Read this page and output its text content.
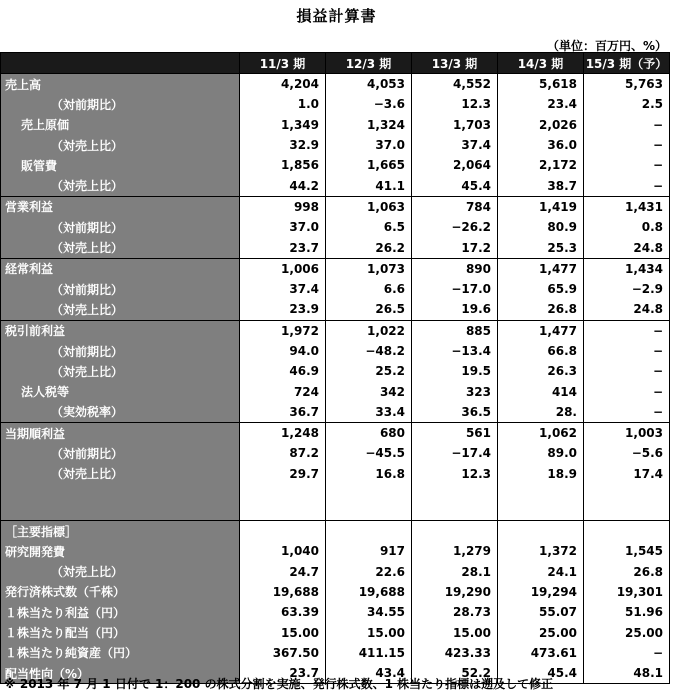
損益計算書
（単位：百万円、%）
	11/3 期	12/3 期	13/3 期	14/3 期	15/3 期（予）
売上高	4,204	4,053	4,552	5,618	5,763
（対前期比）	1.0	−3.6	12.3	23.4	2.5
売上原価	1,349	1,324	1,703	2,026	−
（対売上比）	32.9	37.0	37.4	36.0	−
販管費	1,856	1,665	2,064	2,172	−
（対売上比）	44.2	41.1	45.4	38.7	−
営業利益	998	1,063	784	1,419	1,431
（対前期比）	37.0	6.5	−26.2	80.9	0.8
（対売上比）	23.7	26.2	17.2	25.3	24.8
経常利益	1,006	1,073	890	1,477	1,434
（対前期比）	37.4	6.6	−17.0	65.9	−2.9
（対売上比）	23.9	26.5	19.6	26.8	24.8
税引前利益	1,972	1,022	885	1,477	−
（対前期比）	94.0	−48.2	−13.4	66.8	−
（対売上比）	46.9	25.2	19.5	26.3	−
法人税等	724	342	323	414	−
（実効税率）	36.7	33.4	36.5	28.	−
当期順利益	1,248	680	561	1,062	1,003
（対前期比）	87.2	−45.5	−17.4	89.0	−5.6
（対売上比）	29.7	16.8	12.3	18.9	17.4

［主要指標］					
研究開発費	1,040	917	1,279	1,372	1,545
（対売上比）	24.7	22.6	28.1	24.1	26.8
発行済株式数（千株）	19,688	19,688	19,290	19,294	19,301
１株当たり利益（円）	63.39	34.55	28.73	55.07	51.96
１株当たり配当（円）	15.00	15.00	15.00	25.00	25.00
１株当たり純資産（円）	367.50	411.15	423.33	473.61	−
配当性向（%）	23.7	43.4	52.2	45.4	48.1
※ 2013 年 7 月 1 日付で 1：200 の株式分割を実施、発行株式数、1 株当たり指標は遡及して修正
